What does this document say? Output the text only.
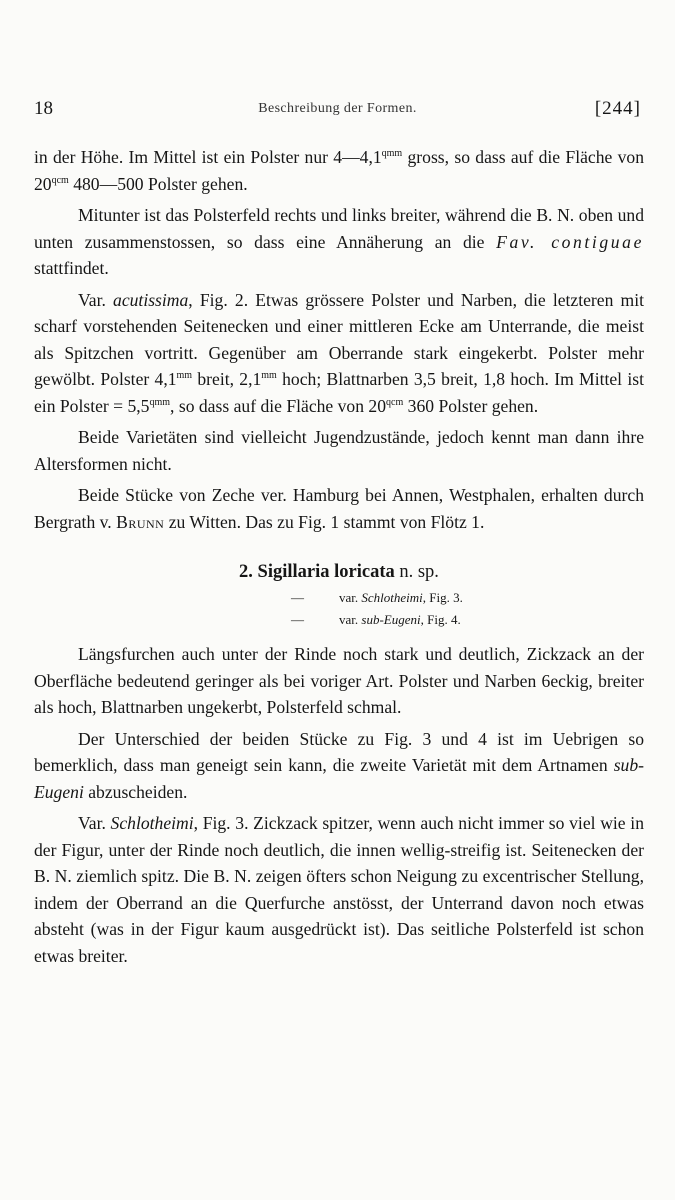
18	Beschreibung der Formen.	[244]

in der Höhe. Im Mittel ist ein Polster nur $4—4,1^{qmm}$ gross, so dass auf die Fläche von $20^{qcm}$ 480—500 Polster gehen.

Mitunter ist das Polsterfeld rechts und links breiter, während die B. N. oben und unten zusammenstossen, so dass eine Annäherung an die Fav. contiguae stattfindet.

Var. acutissima, Fig. 2. Etwas grössere Polster und Narben, die letzteren mit scharf vorstehenden Seitenecken und einer mittleren Ecke am Unterrande, die meist als Spitzchen vortritt. Gegenüber am Oberrande stark eingekerbt. Polster mehr gewölbt. Polster $4,1^{mm}$ breit, $2,1^{mm}$ hoch; Blattnarben 3,5 breit, 1,8 hoch. Im Mittel ist ein Polster = $5,5^{qmm}$, so dass auf die Fläche von $20^{qcm}$ 360 Polster gehen.

Beide Varietäten sind vielleicht Jugendzustände, jedoch kennt man dann ihre Altersformen nicht.

Beide Stücke von Zeche ver. Hamburg bei Annen, Westphalen, erhalten durch Bergrath v. Brunn zu Witten. Das zu Fig. 1 stammt von Flötz 1.

2. Sigillaria loricata n. sp.
—	var. Schlotheimi, Fig. 3.
—	var. sub-Eugeni, Fig. 4.

Längsfurchen auch unter der Rinde noch stark und deutlich, Zickzack an der Oberfläche bedeutend geringer als bei voriger Art. Polster und Narben 6eckig, breiter als hoch, Blattnarben ungekerbt, Polsterfeld schmal.

Der Unterschied der beiden Stücke zu Fig. 3 und 4 ist im Uebrigen so bemerklich, dass man geneigt sein kann, die zweite Varietät mit dem Artnamen sub-Eugeni abzuscheiden.

Var. Schlotheimi, Fig. 3. Zickzack spitzer, wenn auch nicht immer so viel wie in der Figur, unter der Rinde noch deutlich, die innen wellig-streifig ist. Seitenecken der B. N. ziemlich spitz. Die B. N. zeigen öfters schon Neigung zu excentrischer Stellung, indem der Oberrand an die Querfurche anstösst, der Unterrand davon noch etwas absteht (was in der Figur kaum ausgedrückt ist). Das seitliche Polsterfeld ist schon etwas breiter.
